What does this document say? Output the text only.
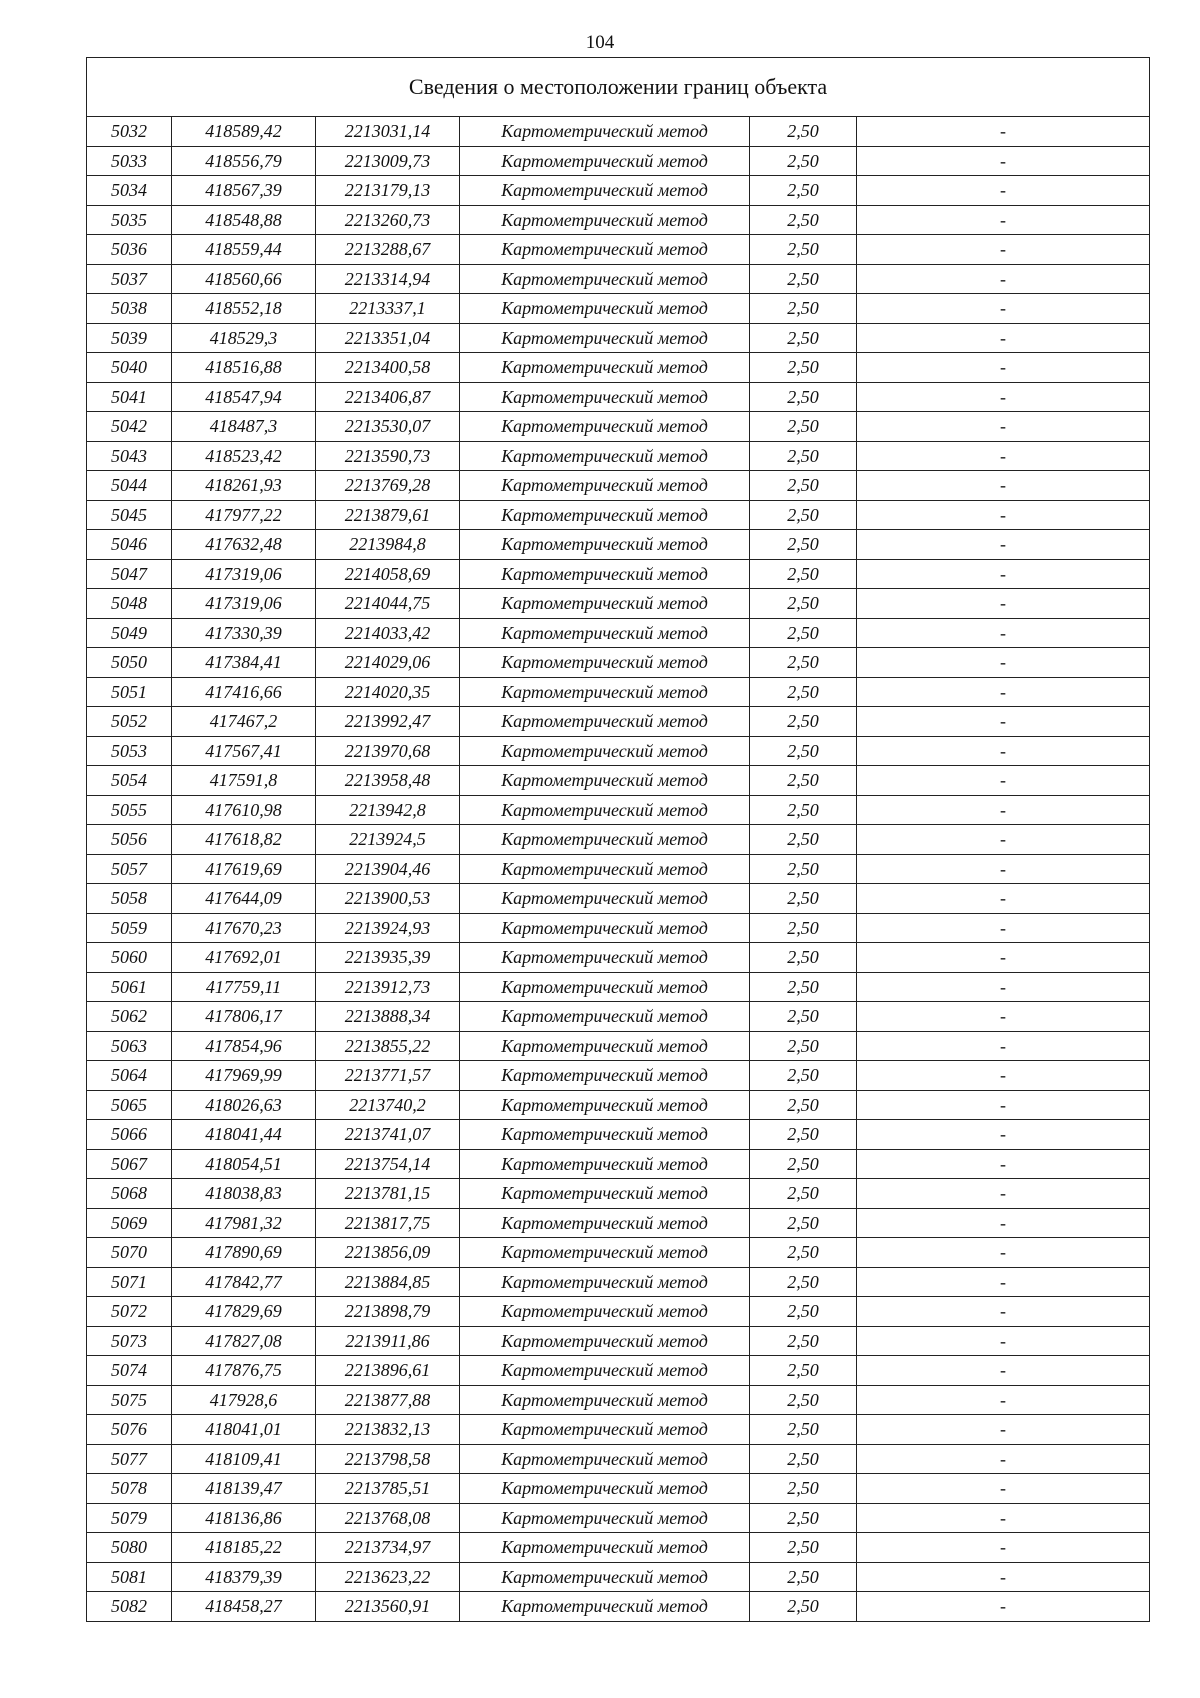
104
Сведения о местоположении границ объекта					
5032	418589,42	2213031,14	Картометрический метод	2,50	-
5033	418556,79	2213009,73	Картометрический метод	2,50	-
5034	418567,39	2213179,13	Картометрический метод	2,50	-
5035	418548,88	2213260,73	Картометрический метод	2,50	-
5036	418559,44	2213288,67	Картометрический метод	2,50	-
5037	418560,66	2213314,94	Картометрический метод	2,50	-
5038	418552,18	2213337,1	Картометрический метод	2,50	-
5039	418529,3	2213351,04	Картометрический метод	2,50	-
5040	418516,88	2213400,58	Картометрический метод	2,50	-
5041	418547,94	2213406,87	Картометрический метод	2,50	-
5042	418487,3	2213530,07	Картометрический метод	2,50	-
5043	418523,42	2213590,73	Картометрический метод	2,50	-
5044	418261,93	2213769,28	Картометрический метод	2,50	-
5045	417977,22	2213879,61	Картометрический метод	2,50	-
5046	417632,48	2213984,8	Картометрический метод	2,50	-
5047	417319,06	2214058,69	Картометрический метод	2,50	-
5048	417319,06	2214044,75	Картометрический метод	2,50	-
5049	417330,39	2214033,42	Картометрический метод	2,50	-
5050	417384,41	2214029,06	Картометрический метод	2,50	-
5051	417416,66	2214020,35	Картометрический метод	2,50	-
5052	417467,2	2213992,47	Картометрический метод	2,50	-
5053	417567,41	2213970,68	Картометрический метод	2,50	-
5054	417591,8	2213958,48	Картометрический метод	2,50	-
5055	417610,98	2213942,8	Картометрический метод	2,50	-
5056	417618,82	2213924,5	Картометрический метод	2,50	-
5057	417619,69	2213904,46	Картометрический метод	2,50	-
5058	417644,09	2213900,53	Картометрический метод	2,50	-
5059	417670,23	2213924,93	Картометрический метод	2,50	-
5060	417692,01	2213935,39	Картометрический метод	2,50	-
5061	417759,11	2213912,73	Картометрический метод	2,50	-
5062	417806,17	2213888,34	Картометрический метод	2,50	-
5063	417854,96	2213855,22	Картометрический метод	2,50	-
5064	417969,99	2213771,57	Картометрический метод	2,50	-
5065	418026,63	2213740,2	Картометрический метод	2,50	-
5066	418041,44	2213741,07	Картометрический метод	2,50	-
5067	418054,51	2213754,14	Картометрический метод	2,50	-
5068	418038,83	2213781,15	Картометрический метод	2,50	-
5069	417981,32	2213817,75	Картометрический метод	2,50	-
5070	417890,69	2213856,09	Картометрический метод	2,50	-
5071	417842,77	2213884,85	Картометрический метод	2,50	-
5072	417829,69	2213898,79	Картометрический метод	2,50	-
5073	417827,08	2213911,86	Картометрический метод	2,50	-
5074	417876,75	2213896,61	Картометрический метод	2,50	-
5075	417928,6	2213877,88	Картометрический метод	2,50	-
5076	418041,01	2213832,13	Картометрический метод	2,50	-
5077	418109,41	2213798,58	Картометрический метод	2,50	-
5078	418139,47	2213785,51	Картометрический метод	2,50	-
5079	418136,86	2213768,08	Картометрический метод	2,50	-
5080	418185,22	2213734,97	Картометрический метод	2,50	-
5081	418379,39	2213623,22	Картометрический метод	2,50	-
5082	418458,27	2213560,91	Картометрический метод	2,50	-
